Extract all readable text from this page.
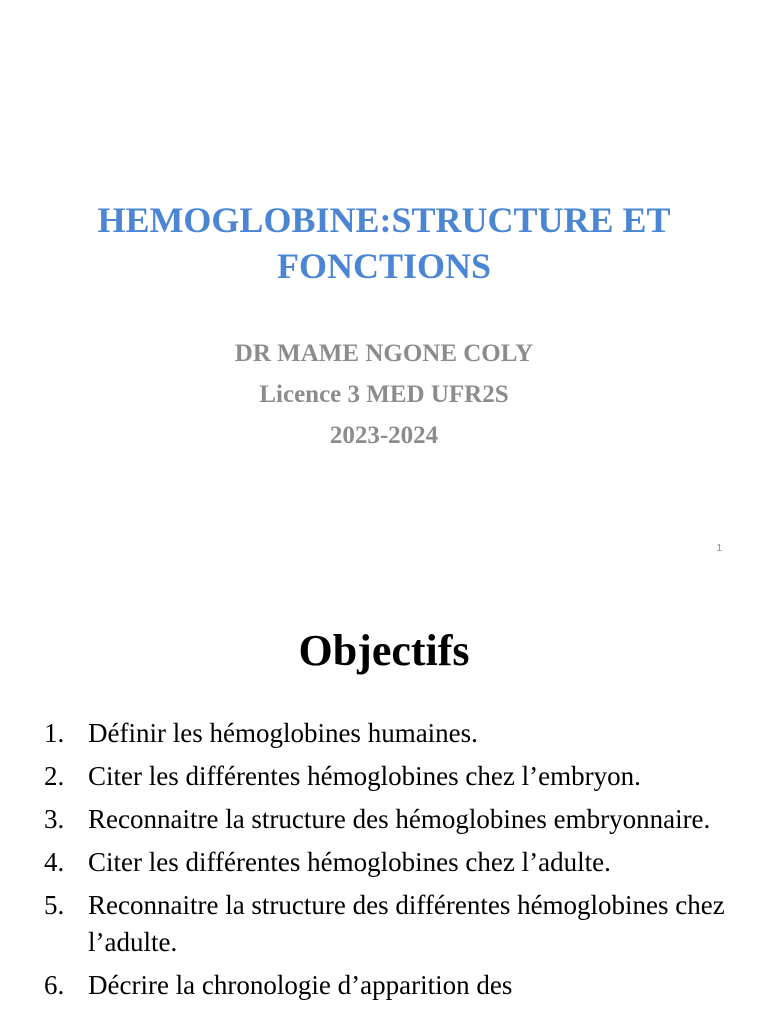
HEMOGLOBINE:STRUCTURE ET
FONCTIONS
DR MAME NGONE COLY
Licence 3 MED UFR2S
2023-2024
1
Objectifs
1. Définir les hémoglobines humaines.
2. Citer les différentes hémoglobines chez l’embryon.
3. Reconnaitre la structure des hémoglobines embryonnaire.
4. Citer les différentes hémoglobines chez l’adulte.
5. Reconnaitre la structure des différentes hémoglobines chez l’adulte.
6. Décrire la chronologie d’apparition des
